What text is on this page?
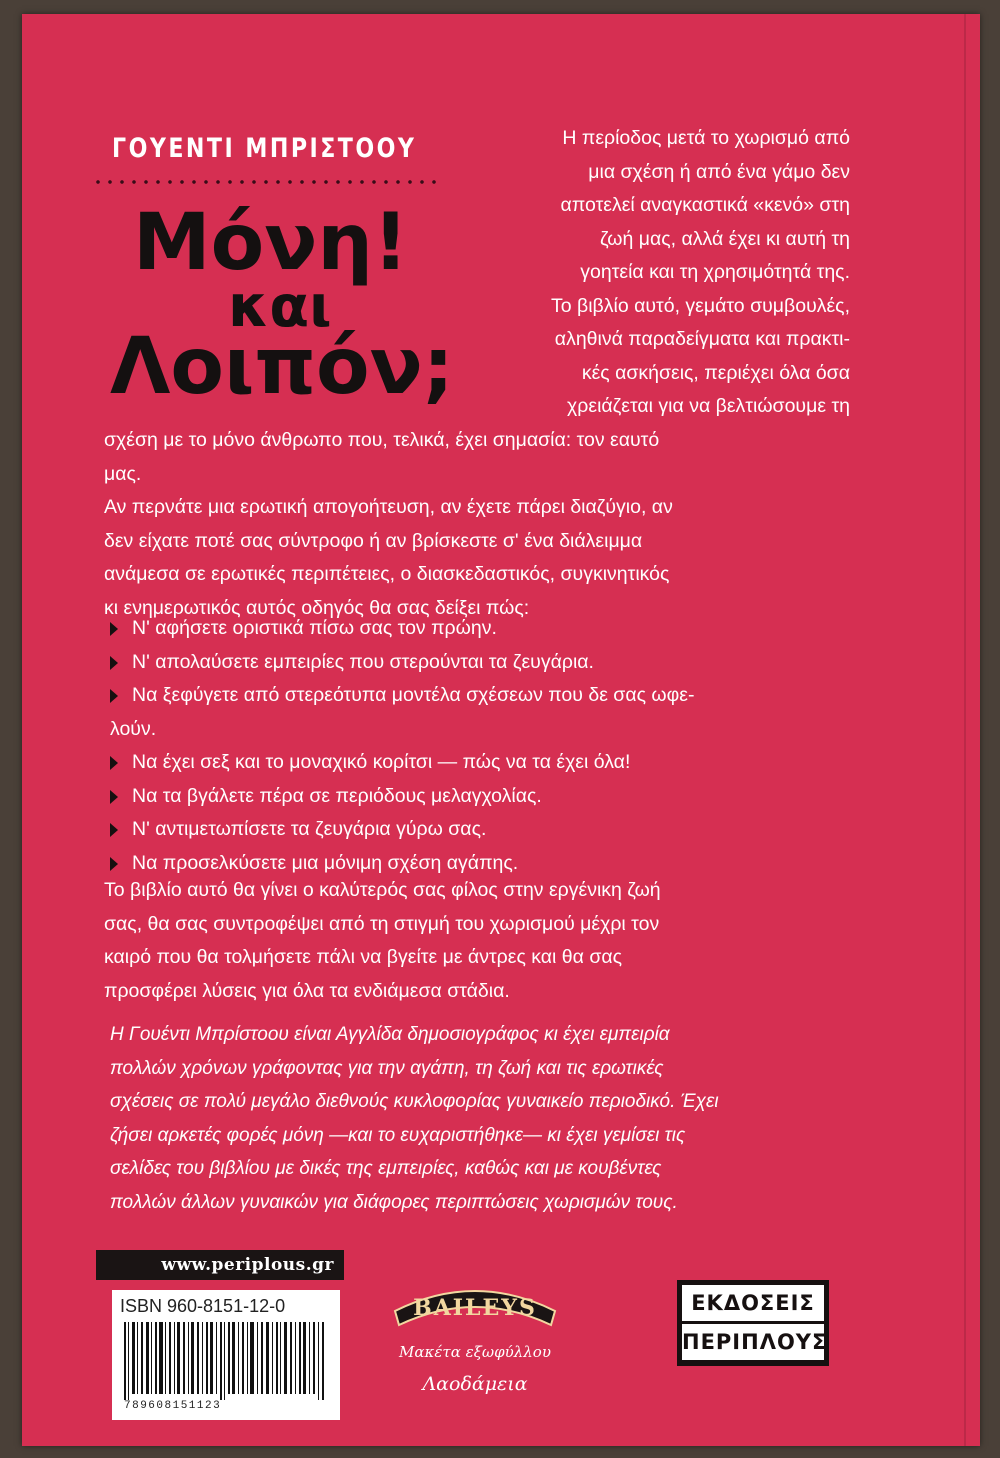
ΓΟΥΕΝΤΙ ΜΠΡΙΣΤΟΟΥ
Μόνη!
και
Λοιπόν;
Η περίοδος μετά το χωρισμό από
μια σχέση ή από ένα γάμο δεν
αποτελεί αναγκαστικά «κενό» στη
ζωή μας, αλλά έχει κι αυτή τη
γοητεία και τη χρησιμότητά της.
Το βιβλίο αυτό, γεμάτο συμβουλές,
αληθινά παραδείγματα και πρακτι-
κές ασκήσεις, περιέχει όλα όσα
χρειάζεται για να βελτιώσουμε τη
σχέση με το μόνο άνθρωπο που, τελικά, έχει σημασία: τον εαυτό
μας.
Αν περνάτε μια ερωτική απογοήτευση, αν έχετε πάρει διαζύγιο, αν
δεν είχατε ποτέ σας σύντροφο ή αν βρίσκεστε σ' ένα διάλειμμα
ανάμεσα σε ερωτικές περιπέτειες, ο διασκεδαστικός, συγκινητικός
κι ενημερωτικός αυτός οδηγός θα σας δείξει πώς:
Ν' αφήσετε οριστικά πίσω σας τον πρώην.
Ν' απολαύσετε εμπειρίες που στερούνται τα ζευγάρια.
Να ξεφύγετε από στερεότυπα μοντέλα σχέσεων που δε σας ωφε-
λούν.
Να έχει σεξ και το μοναχικό κορίτσι — πώς να τα έχει όλα!
Να τα βγάλετε πέρα σε περιόδους μελαγχολίας.
Ν' αντιμετωπίσετε τα ζευγάρια γύρω σας.
Να προσελκύσετε μια μόνιμη σχέση αγάπης.
Το βιβλίο αυτό θα γίνει ο καλύτερός σας φίλος στην εργένικη ζωή
σας, θα σας συντροφέψει από τη στιγμή του χωρισμού μέχρι τον
καιρό που θα τολμήσετε πάλι να βγείτε με άντρες και θα σας
προσφέρει λύσεις για όλα τα ενδιάμεσα στάδια.
Η Γουέντι Μπρίστοου είναι Αγγλίδα δημοσιογράφος κι έχει εμπειρία
πολλών χρόνων γράφοντας για την αγάπη, τη ζωή και τις ερωτικές
σχέσεις σε πολύ μεγάλο διεθνούς κυκλοφορίας γυναικείο περιοδικό. Έχει
ζήσει αρκετές φορές μόνη —και το ευχαριστήθηκε— κι έχει γεμίσει τις
σελίδες του βιβλίου με δικές της εμπειρίες, καθώς και με κουβέντες
πολλών άλλων γυναικών για διάφορες περιπτώσεις χωρισμών τους.
www.periplous.gr
ISBN 960-8151-12-0
789608151123
BAILEYS
Μακέτα εξωφύλλου
Λαοδάμεια
ΕΚΔΟΣΕΙΣ
ΠΕΡΙΠΛΟΥΣ
